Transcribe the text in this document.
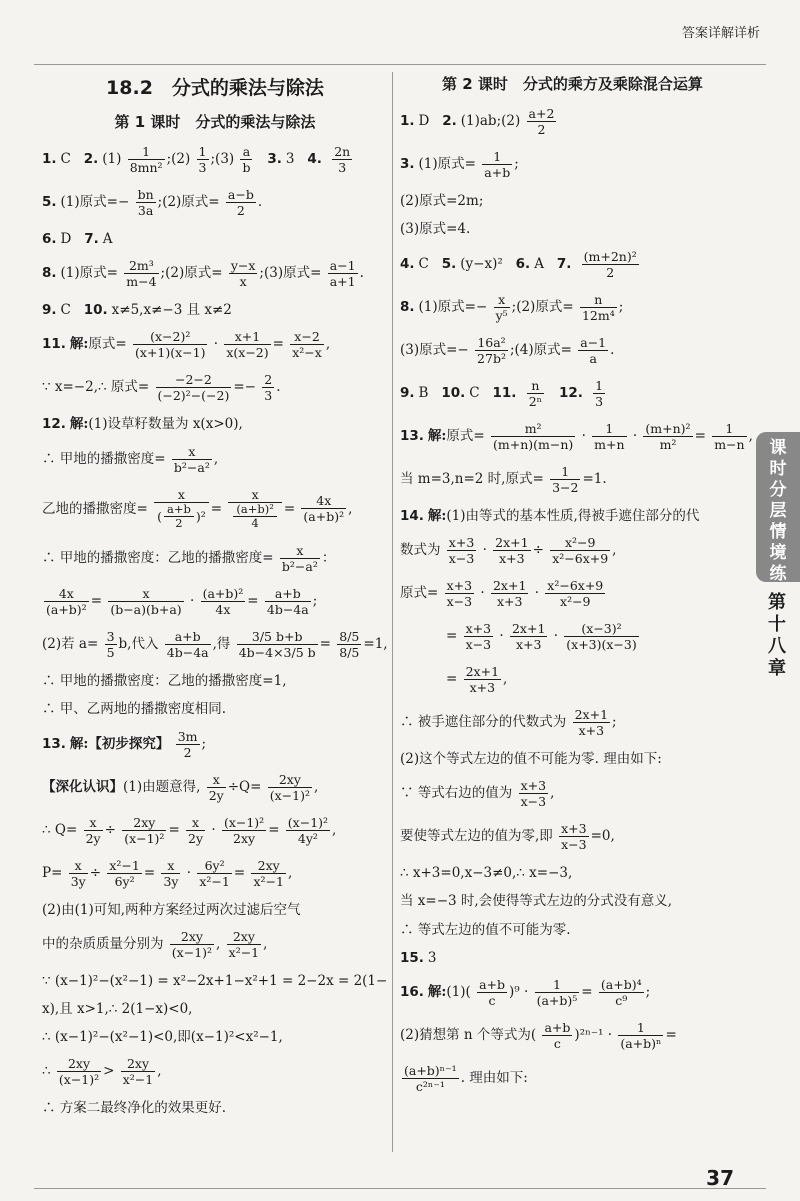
答案详解详析
18.2　分式的乘法与除法
第 1 课时　分式的乘法与除法
1. C 2. $(1) \frac{1}{\text{8mn²}}$ ;(2) $\frac{1}{3}$ ;(3) $\frac{a}{b} 3$. 3 4. $\frac{2n}{3}$
5. (1)原式=− $\frac{bn}{3a}$ ;(2)原式= $\frac{a-b}{2}$ .
6. D 7. A
8. (1)原式= $\frac{\text{2m³}}{m-4}$ ;(2)原式= $\frac{y-x}{x}$ ;(3)原式= $\frac{a-1}{a+1}$ .
9. C 10. x≠5,x≠−3 且 x≠2
11. 解:原式= $\frac{\text{(x−2)²}}{(x+1)(x-1)} \cdot \frac{x+1}{x(x-2)} = \frac{x-2}{\text{x²−x}}$ ,
∵ x=−2,∴ 原式= $\frac{-2-2}{\text{(−2)²−(−2)}} =- \frac{2}{3}$ .
12. 解:(1)设草籽数量为 x(x>0),
∴ 甲地的播撒密度= $\frac{x}{\text{b²−a²}}$ ,
乙地的播撒密度= $\frac{x}{( \frac{a+b}{2} )^2} = \frac{x}{\frac{\text{(a+b)²}}{4}} = \frac{4x}{\text{(a+b)²}}$ ,
∴ 甲地的播撒密度：乙地的播撒密度= $\frac{x}{\text{b²−a²}}$ ：
$\frac{4x}{\text{(a+b)²}} = \frac{x}{(b-a)(b+a)} \cdot \frac{\text{(a+b)²}}{4x} = \frac{a+b}{4b-4a}$ ;
(2)若 $a= \frac{3}{5} b$,代入 $\frac{a+b}{4b-4a}$ ,得 $\frac{3/5 b+b}{4b-4\times 3/5 b} = \frac{8/5}{8/5} =1$,
∴ 甲地的播撒密度：乙地的播撒密度=1,
∴ 甲、乙两地的播撒密度相同.
13. 解:【初步探究】 $\frac{3m}{2}$ ;
【深化认识】(1)由题意得, $\frac{x}{2y} \div Q= \frac{2xy}{\text{(x−1)²}}$ ,
∴ $Q= \frac{x}{2y} \div \frac{2xy}{\text{(x−1)²}} = \frac{x}{2y} \cdot \frac{\text{(x−1)²}}{2xy} = \frac{\text{(x−1)²}}{\text{4y²}}$ ,
$P= \frac{x}{3y} \div \frac{\text{x²−1}}{\text{6y²}} = \frac{x}{3y} \cdot \frac{\text{6y²}}{\text{x²−1}} = \frac{2xy}{\text{x²−1}}$ ,
(2)由(1)可知,两种方案经过两次过滤后空气
中的杂质质量分别为 $\frac{2xy}{\text{(x−1)²}}$ , $\frac{2xy}{\text{x²−1}}$ ,
∵ (x−1)²−(x²−1) = x²−2x+1−x²+1 = 2−2x = 2(1−
x),且 x>1,∴ 2(1−x)<0,
∴ (x−1)²−(x²−1)<0,即(x−1)²<x²−1,
∴ $\frac{2xy}{\text{(x−1)²}} > \frac{2xy}{\text{x²−1}}$ ,
∴ 方案二最终净化的效果更好.
第 2 课时　分式的乘方及乘除混合运算
1. D 2. (1)ab;(2) $\frac{a+2}{2}$
3. (1)原式= $\frac{1}{a+b}$ ;
(2)原式=2m;
(3)原式=4.
4. C 5. (y−x)² 6. A 7. $\frac{\text{(m+2n)²}}{2}$
8. (1)原式=− $\frac{x}{\text{y⁵}}$ ;(2)原式= $\frac{n}{\text{12m⁴}}$ ;
(3)原式=− $\frac{\text{16a²}}{\text{27b²}}$ ;(4)原式= $\frac{a-1}{a}$ .
9. B 10. C 11. $\frac{n}{\text{2ⁿ}} 12$. $\frac{1}{3}$
13. 解:原式= $\frac{\text{m²}}{(m+n)(m-n)} \cdot \frac{1}{m+n} \cdot \frac{\text{(m+n)²}}{\text{m²}} = \frac{1}{m-n}$ ,
当 m=3,n=2 时,原式= $\frac{1}{3-2} =1$.
14. 解:(1)由等式的基本性质,得被手遮住部分的代
数式为 $\frac{x+3}{x-3} \cdot \frac{2x+1}{x+3} \div \frac{\text{x²−9}}{\text{x²−6x+9}}$ ,
原式= $\frac{x+3}{x-3} \cdot \frac{2x+1}{x+3} \cdot \frac{\text{x²−6x+9}}{\text{x²−9}}$
= $\frac{x+3}{x-3} \cdot \frac{2x+1}{x+3} \cdot \frac{\text{(x−3)²}}{(x+3)(x-3)}$
= $\frac{2x+1}{x+3}$ ,
∴ 被手遮住部分的代数式为 $\frac{2x+1}{x+3}$ ;
(2)这个等式左边的值不可能为零. 理由如下:
∵ 等式右边的值为 $\frac{x+3}{x-3}$ ,
要使等式左边的值为零,即 $\frac{x+3}{x-3} =0$,
∴ x+3=0,x−3≠0,∴ x=−3,
当 x=−3 时,会使得等式左边的分式没有意义,
∴ 等式左边的值不可能为零.
15. 3
16. 解:(1)( $\frac{a+b}{c} )^9 \cdot \frac{1}{\text{(a+b)⁵}} = \frac{\text{(a+b)⁴}}{\text{c⁹}}$ ;
(2)猜想第 n 个等式为( $\frac{a+b}{c} )^{2n-1} \cdot \frac{1}{\text{(a+b)ⁿ}}$ =
$\frac{\text{(a+b)ⁿ⁻¹}}{\text{c²ⁿ⁻¹}}$ . 理由如下:
课时分层情境练
第十八章
37
